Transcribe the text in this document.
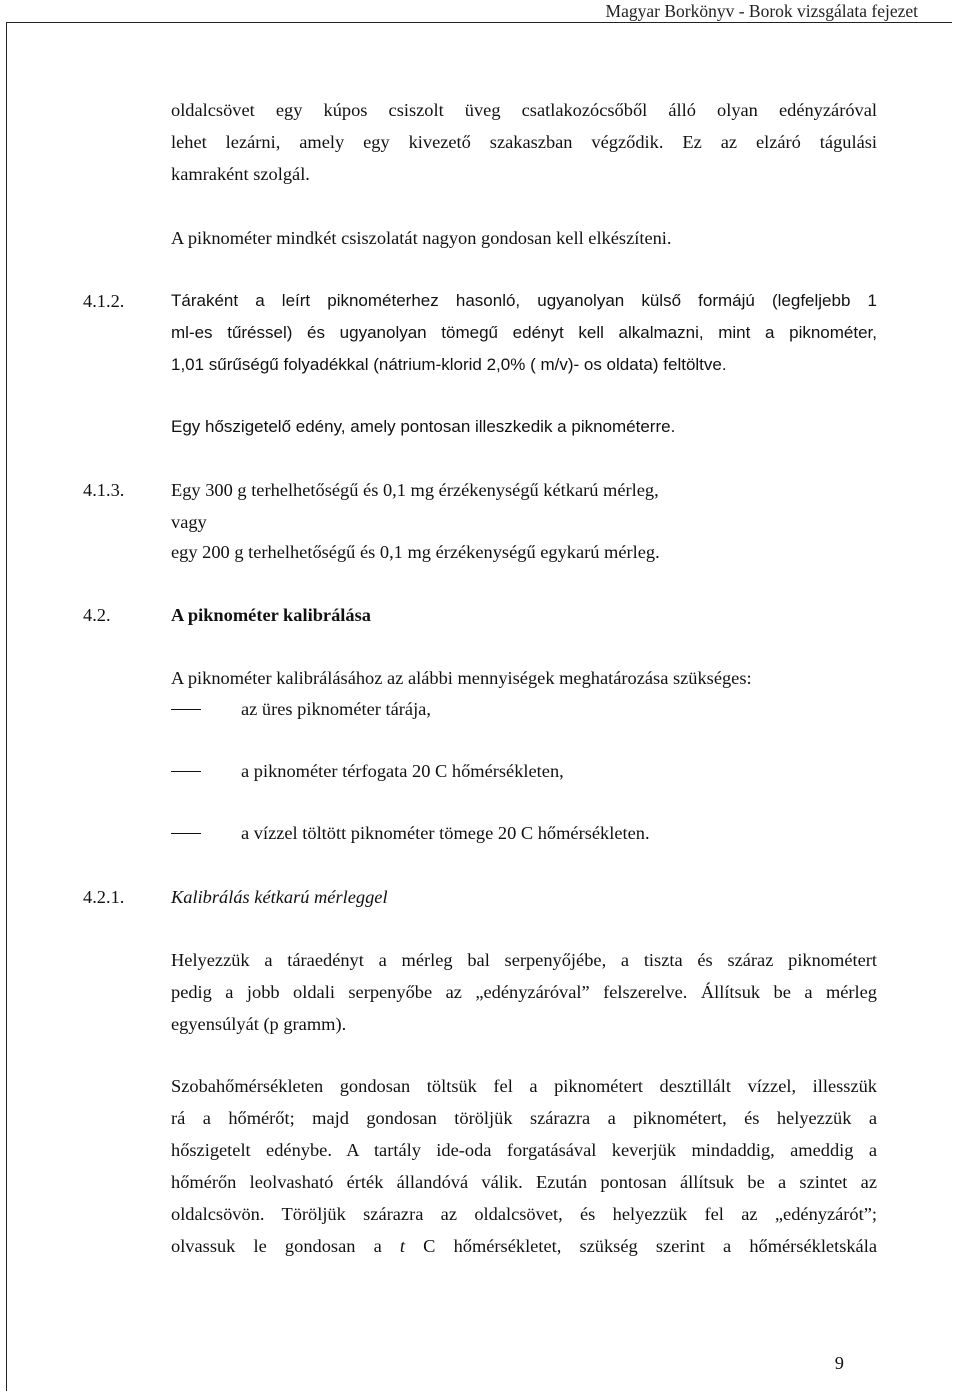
Magyar Borkönyv - Borok vizsgálata fejezet
oldalcsövet egy kúpos csiszolt üveg csatlakozócsőből álló olyan edényzáróval
lehet lezárni, amely egy kivezető szakaszban végződik. Ez az elzáró tágulási
kamraként szolgál.
A piknométer mindkét csiszolatát nagyon gondosan kell elkészíteni.
4.1.2.	Táraként a leírt piknométerhez hasonló, ugyanolyan külső formájú (legfeljebb 1
ml-es tűréssel) és ugyanolyan tömegű edényt kell alkalmazni, mint a piknométer,
1,01 sűrűségű folyadékkal (nátrium-klorid 2,0% ( m/v)- os oldata) feltöltve.
Egy hőszigetelő edény, amely pontosan illeszkedik a piknométerre.
4.1.3.	Egy 300 g terhelhetőségű és 0,1 mg érzékenységű kétkarú mérleg,
vagy
egy 200 g terhelhetőségű és 0,1 mg érzékenységű egykarú mérleg.
4.2.	A piknométer kalibrálása
A piknométer kalibrálásához az alábbi mennyiségek meghatározása szükséges:
az üres piknométer tárája,
a piknométer térfogata 20 C hőmérsékleten,
a vízzel töltött piknométer tömege 20 C hőmérsékleten.
4.2.1.	Kalibrálás kétkarú mérleggel
Helyezzük a táraedényt a mérleg bal serpenyőjébe, a tiszta és száraz piknométert
pedig a jobb oldali serpenyőbe az „edényzáróval” felszerelve. Állítsuk be a mérleg
egyensúlyát (p gramm).
Szobahőmérsékleten gondosan töltsük fel a piknométert desztillált vízzel, illesszük
rá a hőmérőt; majd gondosan töröljük szárazra a piknométert, és helyezzük a
hőszigetelt edénybe. A tartály ide-oda forgatásával keverjük mindaddig, ameddig a
hőmérőn leolvasható érték állandóvá válik. Ezután pontosan állítsuk be a szintet az
oldalcsövön. Töröljük szárazra az oldalcsövet, és helyezzük fel az „edényzárót”;
olvassuk le gondosan a t C hőmérsékletet, szükség szerint a hőmérsékletskála
9
